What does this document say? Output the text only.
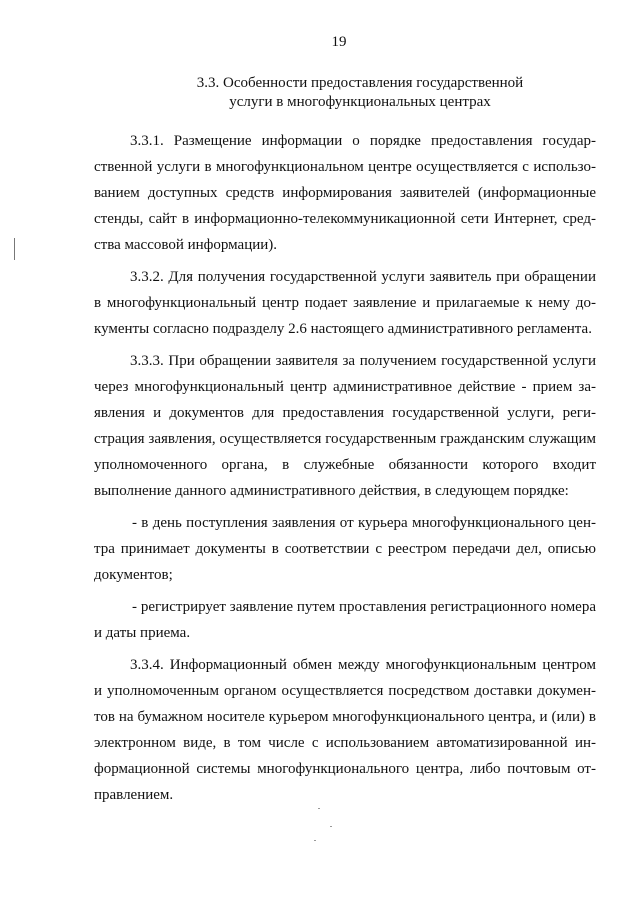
19
3.3. Особенности предоставления государственной
услуги в многофункциональных центрах

3.3.1. Размещение информации о порядке предоставления государственной услуги в многофункциональном центре осуществляется с использованием доступных средств информирования заявителей (информационные стенды, сайт в информационно-телекоммуникационной сети Интернет, средства массовой информации).

3.3.2. Для получения государственной услуги заявитель при обращении в многофункциональный центр подает заявление и прилагаемые к нему документы согласно подразделу 2.6 настоящего административного регламента.

3.3.3. При обращении заявителя за получением государственной услуги через многофункциональный центр административное действие - прием заявления и документов для предоставления государственной услуги, регистрация заявления, осуществляется государственным гражданским служащим уполномоченного органа, в служебные обязанности которого входит выполнение данного административного действия, в следующем порядке:

- в день поступления заявления от курьера многофункционального центра принимает документы в соответствии с реестром передачи дел, описью документов;

- регистрирует заявление путем проставления регистрационного номера и даты приема.

3.3.4. Информационный обмен между многофункциональным центром и уполномоченным органом осуществляется посредством доставки документов на бумажном носителе курьером многофункционального центра, и (или) в электронном виде, в том числе с использованием автоматизированной информационной системы многофункционального центра, либо почтовым отправлением.
